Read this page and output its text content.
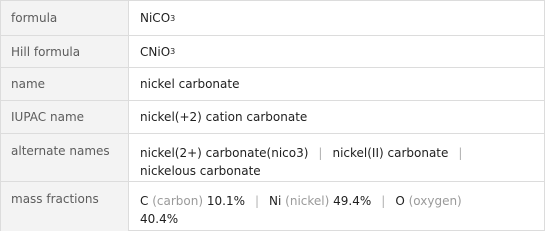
formula	NiCO 3
Hill formula	CNiO 3
name	nickel carbonate
IUPAC name	nickel(+2) cation carbonate
alternate names	nickel(2+) carbonate(nico3) | nickel(II) carbonate |
nickelous carbonate
mass fractions	C (carbon) 10.1% | Ni (nickel) 49.4% | O (oxygen)
40.4%
